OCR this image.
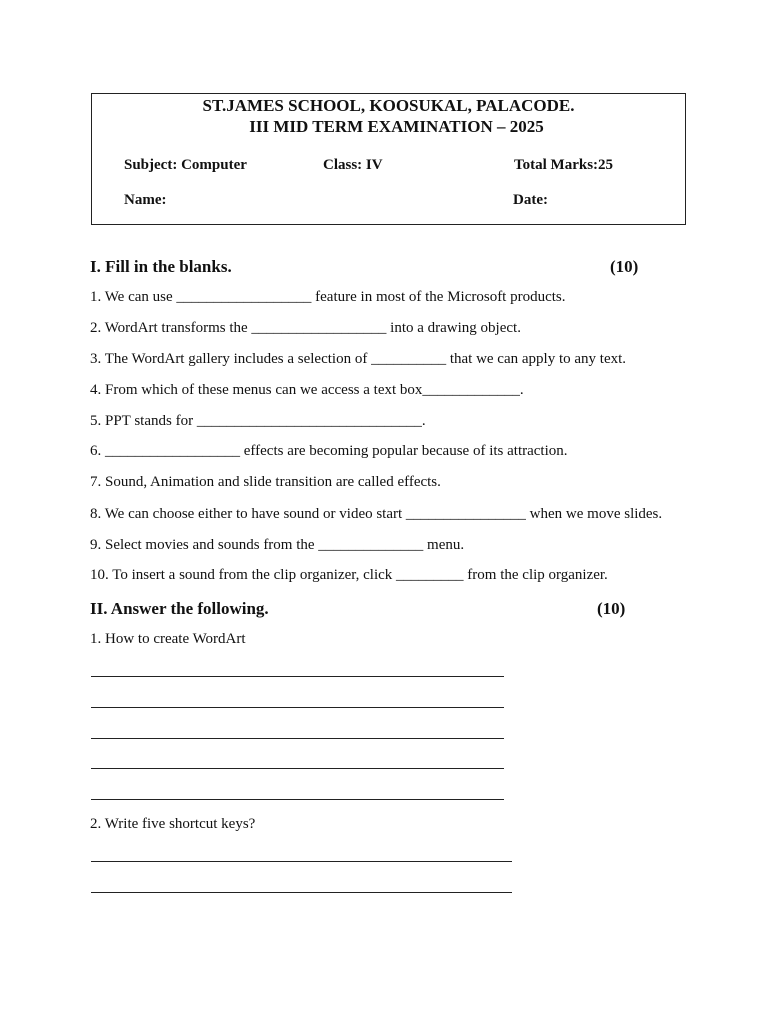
ST.JAMES SCHOOL, KOOSUKAL, PALACODE.
III MID TERM EXAMINATION – 2025
Subject: Computer	Class: IV	Total Marks:25
Name:	Date:
I. Fill in the blanks.	(10)
1. We can use __________________ feature in most of the Microsoft products.
2. WordArt transforms the __________________ into a drawing object.
3. The WordArt gallery includes a selection of __________ that we can apply to any text.
4. From which of these menus can we access a text box_____________.
5. PPT stands for ______________________________.
6. __________________ effects are becoming popular because of its attraction.
7. Sound, Animation and slide transition are called effects.
8. We can choose either to have sound or video start ________________ when we move slides.
9. Select movies and sounds from the ______________ menu.
10. To insert a sound from the clip organizer, click _________ from the clip organizer.
II. Answer the following.	(10)
1. How to create WordArt
2. Write five shortcut keys?
